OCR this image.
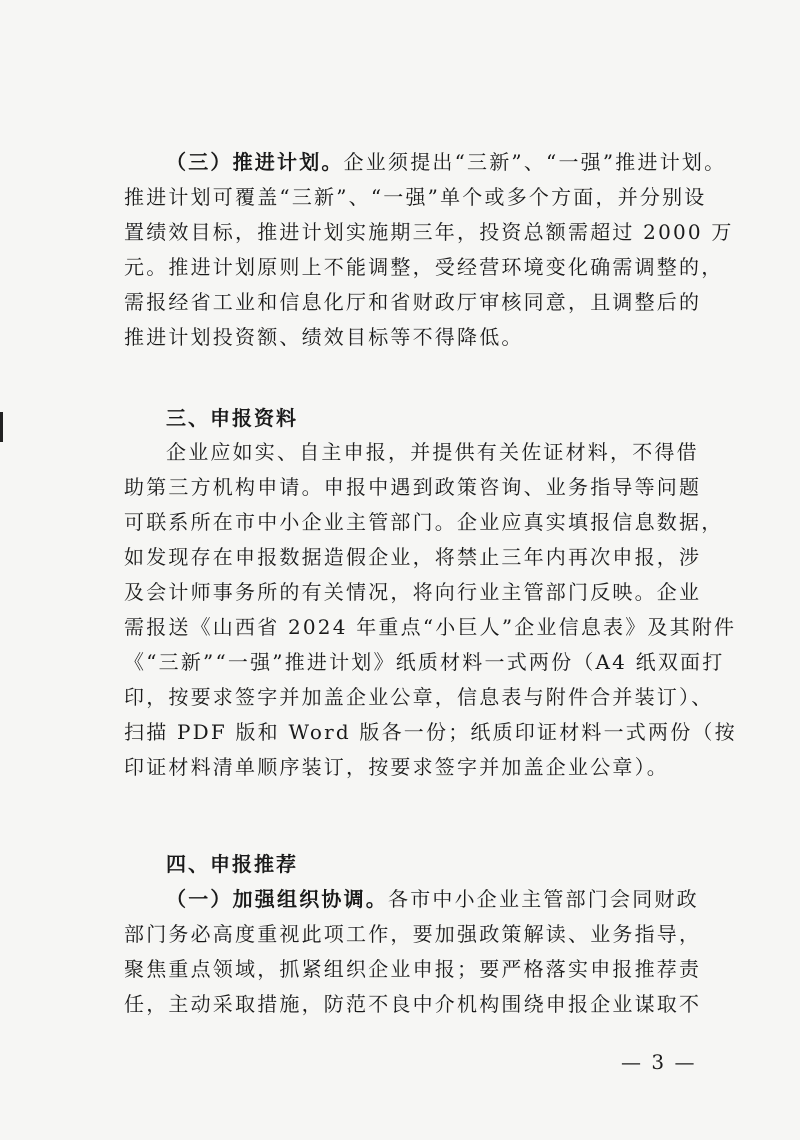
（三）推进计划。企业须提出“三新”、“一强”推进计划。
推进计划可覆盖“三新”、“一强”单个或多个方面，并分别设
置绩效目标，推进计划实施期三年，投资总额需超过 2000 万
元。推进计划原则上不能调整，受经营环境变化确需调整的，
需报经省工业和信息化厅和省财政厅审核同意，且调整后的
推进计划投资额、绩效目标等不得降低。
三、申报资料
企业应如实、自主申报，并提供有关佐证材料，不得借
助第三方机构申请。申报中遇到政策咨询、业务指导等问题
可联系所在市中小企业主管部门。企业应真实填报信息数据，
如发现存在申报数据造假企业，将禁止三年内再次申报，涉
及会计师事务所的有关情况，将向行业主管部门反映。企业
需报送《山西省 2024 年重点“小巨人”企业信息表》及其附件
《“三新”“一强”推进计划》纸质材料一式两份（A4 纸双面打
印，按要求签字并加盖企业公章，信息表与附件合并装订）、
扫描 PDF 版和 Word 版各一份；纸质印证材料一式两份（按
印证材料清单顺序装订，按要求签字并加盖企业公章）。
四、申报推荐
（一）加强组织协调。各市中小企业主管部门会同财政
部门务必高度重视此项工作，要加强政策解读、业务指导，
聚焦重点领域，抓紧组织企业申报；要严格落实申报推荐责
任，主动采取措施，防范不良中介机构围绕申报企业谋取不
— 3 —
